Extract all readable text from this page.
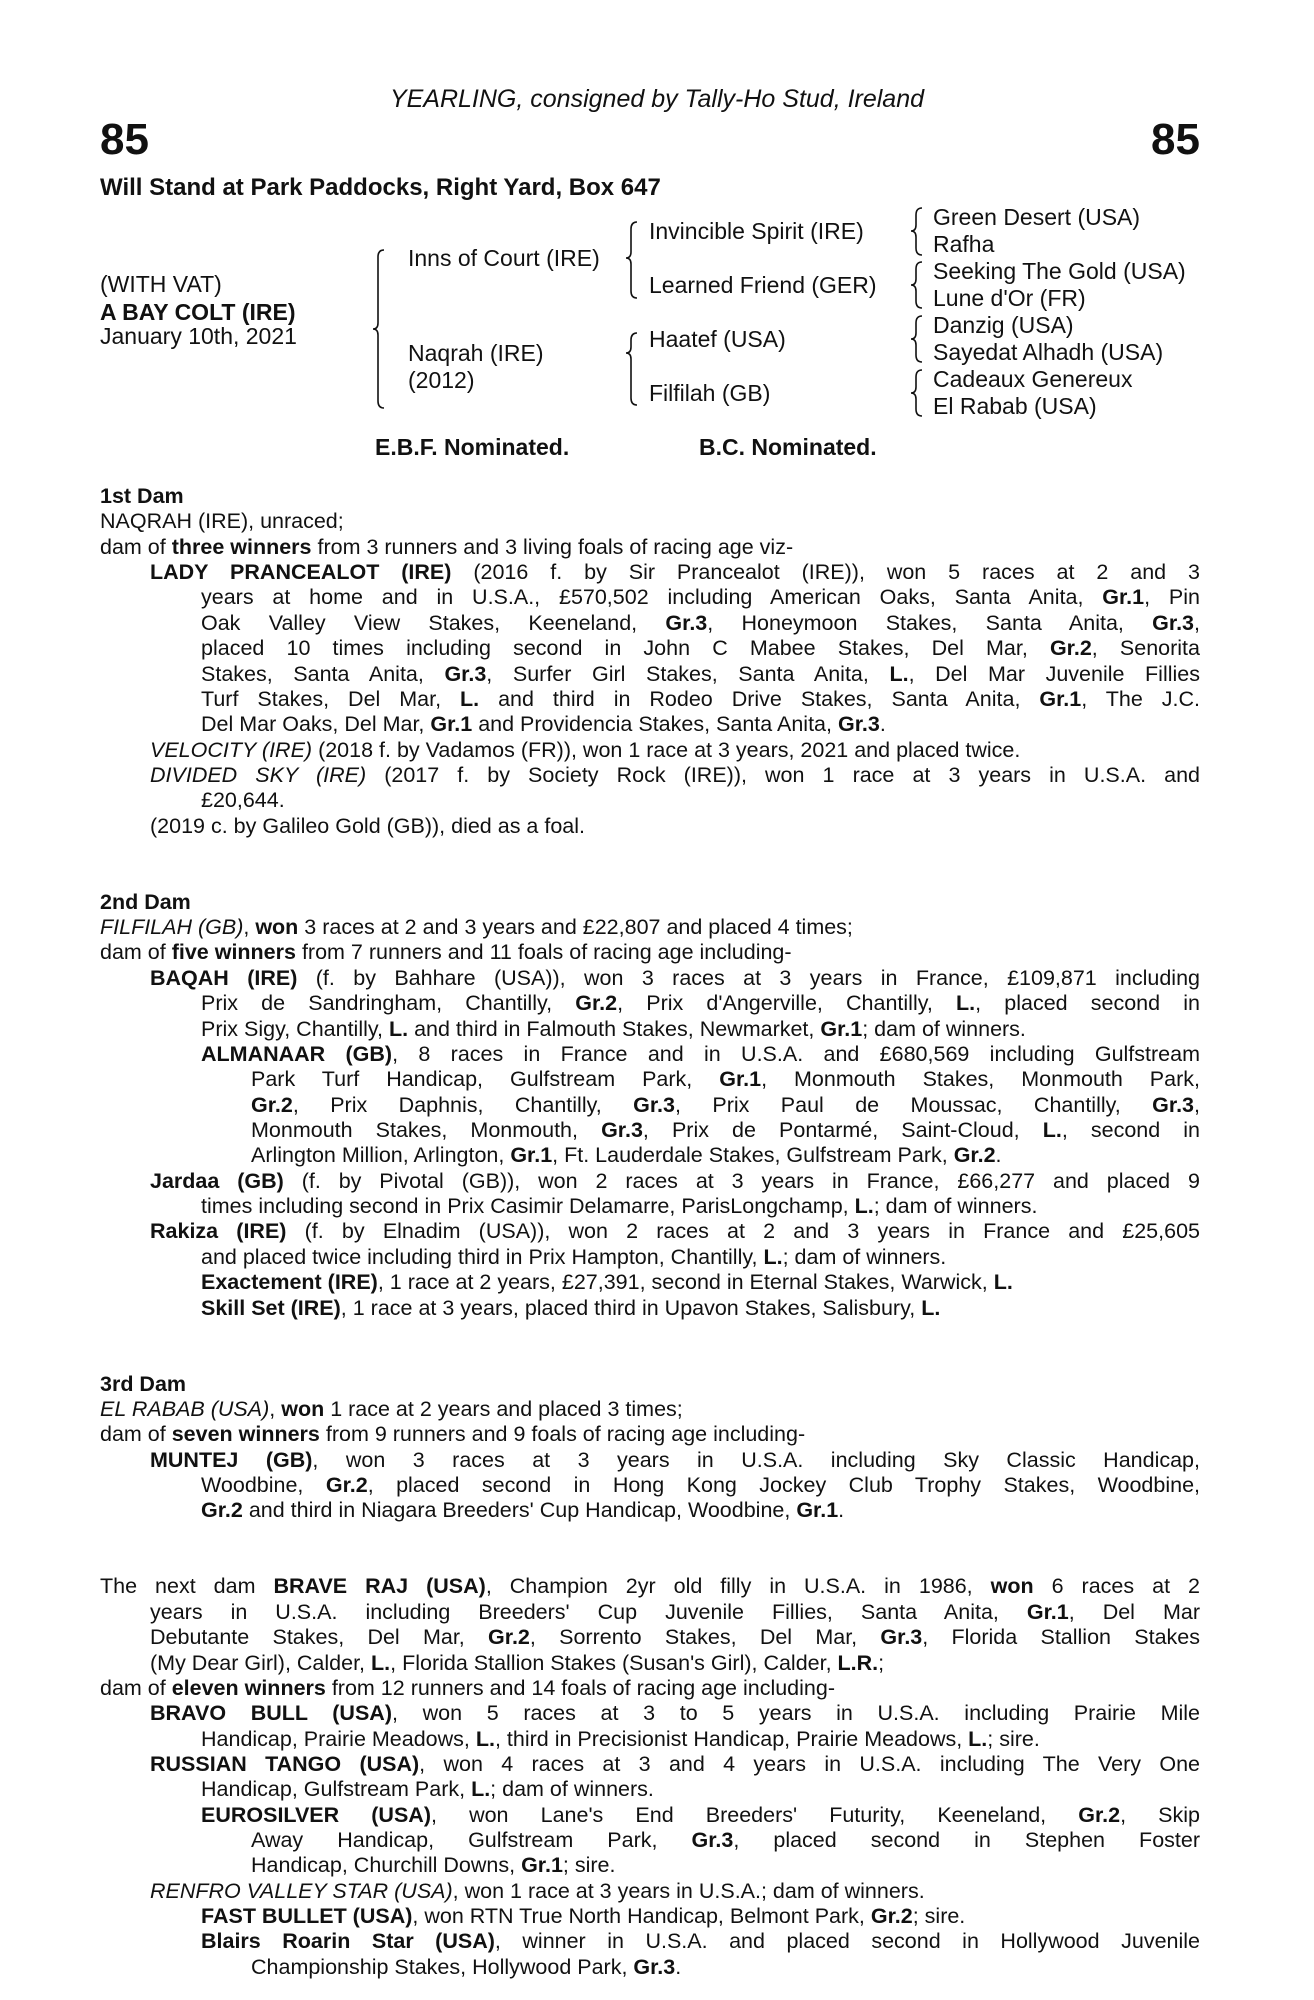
YEARLING, consigned by Tally-Ho Stud, Ireland
85	85
Will Stand at Park Paddocks, Right Yard, Box 647
(WITH VAT)
A BAY COLT (IRE)
January 10th, 2021
Inns of Court (IRE)
Naqrah (IRE)
(2012)
Invincible Spirit (IRE)
Learned Friend (GER)
Haatef (USA)
Filfilah (GB)
Green Desert (USA)
Rafha
Seeking The Gold (USA)
Lune d'Or (FR)
Danzig (USA)
Sayedat Alhadh (USA)
Cadeaux Genereux
El Rabab (USA)
E.B.F. Nominated.	B.C. Nominated.
1st Dam
NAQRAH (IRE), unraced;
dam of three winners from 3 runners and 3 living foals of racing age viz-
LADY PRANCEALOT (IRE) (2016 f. by Sir Prancealot (IRE)), won 5 races at 2 and 3
years at home and in U.S.A., £570,502 including American Oaks, Santa Anita, Gr.1, Pin
Oak Valley View Stakes, Keeneland, Gr.3, Honeymoon Stakes, Santa Anita, Gr.3,
placed 10 times including second in John C Mabee Stakes, Del Mar, Gr.2, Senorita
Stakes, Santa Anita, Gr.3, Surfer Girl Stakes, Santa Anita, L., Del Mar Juvenile Fillies
Turf Stakes, Del Mar, L. and third in Rodeo Drive Stakes, Santa Anita, Gr.1, The J.C.
Del Mar Oaks, Del Mar, Gr.1 and Providencia Stakes, Santa Anita, Gr.3.
VELOCITY (IRE) (2018 f. by Vadamos (FR)), won 1 race at 3 years, 2021 and placed twice.
DIVIDED SKY (IRE) (2017 f. by Society Rock (IRE)), won 1 race at 3 years in U.S.A. and
£20,644.
(2019 c. by Galileo Gold (GB)), died as a foal.

2nd Dam
FILFILAH (GB), won 3 races at 2 and 3 years and £22,807 and placed 4 times;
dam of five winners from 7 runners and 11 foals of racing age including-
BAQAH (IRE) (f. by Bahhare (USA)), won 3 races at 3 years in France, £109,871 including
Prix de Sandringham, Chantilly, Gr.2, Prix d'Angerville, Chantilly, L., placed second in
Prix Sigy, Chantilly, L. and third in Falmouth Stakes, Newmarket, Gr.1; dam of winners.
ALMANAAR (GB), 8 races in France and in U.S.A. and £680,569 including Gulfstream
Park Turf Handicap, Gulfstream Park, Gr.1, Monmouth Stakes, Monmouth Park,
Gr.2, Prix Daphnis, Chantilly, Gr.3, Prix Paul de Moussac, Chantilly, Gr.3,
Monmouth Stakes, Monmouth, Gr.3, Prix de Pontarmé, Saint-Cloud, L., second in
Arlington Million, Arlington, Gr.1, Ft. Lauderdale Stakes, Gulfstream Park, Gr.2.
Jardaa (GB) (f. by Pivotal (GB)), won 2 races at 3 years in France, £66,277 and placed 9
times including second in Prix Casimir Delamarre, ParisLongchamp, L.; dam of winners.
Rakiza (IRE) (f. by Elnadim (USA)), won 2 races at 2 and 3 years in France and £25,605
and placed twice including third in Prix Hampton, Chantilly, L.; dam of winners.
Exactement (IRE), 1 race at 2 years, £27,391, second in Eternal Stakes, Warwick, L.
Skill Set (IRE), 1 race at 3 years, placed third in Upavon Stakes, Salisbury, L.

3rd Dam
EL RABAB (USA), won 1 race at 2 years and placed 3 times;
dam of seven winners from 9 runners and 9 foals of racing age including-
MUNTEJ (GB), won 3 races at 3 years in U.S.A. including Sky Classic Handicap,
Woodbine, Gr.2, placed second in Hong Kong Jockey Club Trophy Stakes, Woodbine,
Gr.2 and third in Niagara Breeders' Cup Handicap, Woodbine, Gr.1.

The next dam BRAVE RAJ (USA), Champion 2yr old filly in U.S.A. in 1986, won 6 races at 2
years in U.S.A. including Breeders' Cup Juvenile Fillies, Santa Anita, Gr.1, Del Mar
Debutante Stakes, Del Mar, Gr.2, Sorrento Stakes, Del Mar, Gr.3, Florida Stallion Stakes
(My Dear Girl), Calder, L., Florida Stallion Stakes (Susan's Girl), Calder, L.R.;
dam of eleven winners from 12 runners and 14 foals of racing age including-
BRAVO BULL (USA), won 5 races at 3 to 5 years in U.S.A. including Prairie Mile
Handicap, Prairie Meadows, L., third in Precisionist Handicap, Prairie Meadows, L.; sire.
RUSSIAN TANGO (USA), won 4 races at 3 and 4 years in U.S.A. including The Very One
Handicap, Gulfstream Park, L.; dam of winners.
EUROSILVER (USA), won Lane's End Breeders' Futurity, Keeneland, Gr.2, Skip
Away Handicap, Gulfstream Park, Gr.3, placed second in Stephen Foster
Handicap, Churchill Downs, Gr.1; sire.
RENFRO VALLEY STAR (USA), won 1 race at 3 years in U.S.A.; dam of winners.
FAST BULLET (USA), won RTN True North Handicap, Belmont Park, Gr.2; sire.
Blairs Roarin Star (USA), winner in U.S.A. and placed second in Hollywood Juvenile
Championship Stakes, Hollywood Park, Gr.3.
